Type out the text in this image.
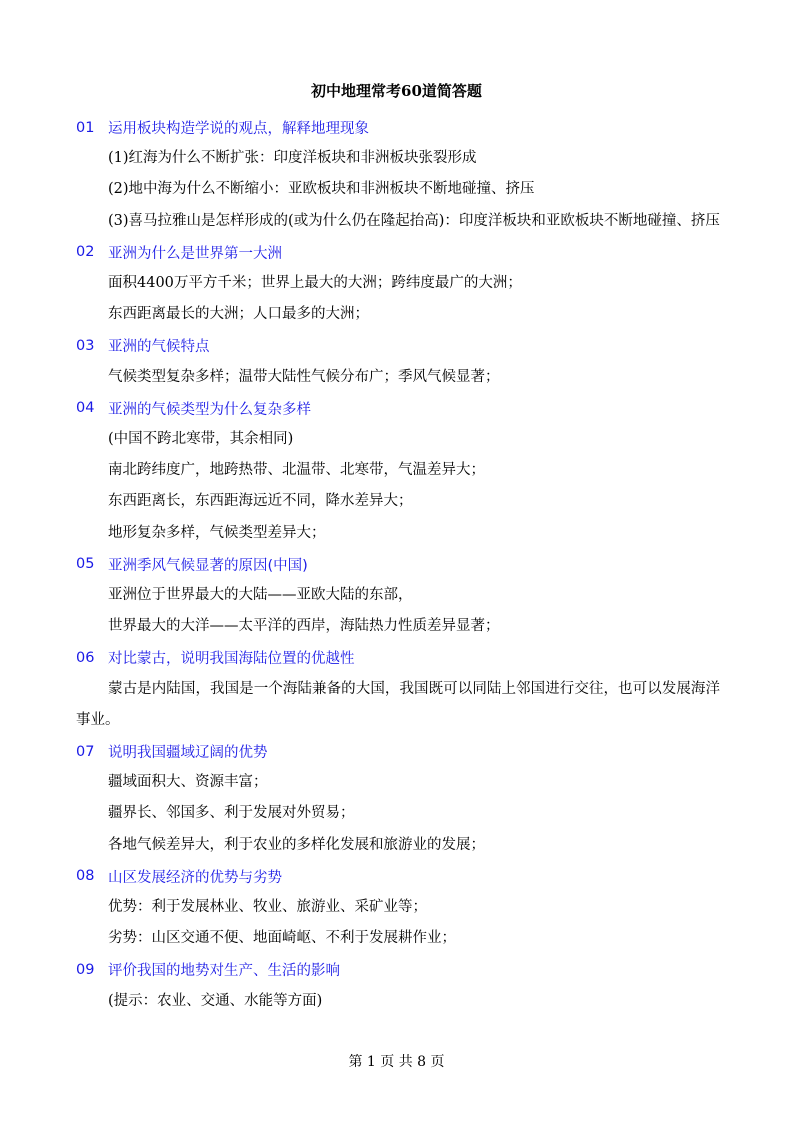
初中地理常考60道简答题
01 运用板块构造学说的观点，解释地理现象
(1)红海为什么不断扩张：印度洋板块和非洲板块张裂形成
(2)地中海为什么不断缩小：亚欧板块和非洲板块不断地碰撞、挤压
(3)喜马拉雅山是怎样形成的(或为什么仍在隆起抬高)：印度洋板块和亚欧板块不断地碰撞、挤压
02 亚洲为什么是世界第一大洲
面积4400万平方千米；世界上最大的大洲；跨纬度最广的大洲；
东西距离最长的大洲；人口最多的大洲；
03 亚洲的气候特点
气候类型复杂多样；温带大陆性气候分布广；季风气候显著；
04 亚洲的气候类型为什么复杂多样
(中国不跨北寒带，其余相同)
南北跨纬度广，地跨热带、北温带、北寒带，气温差异大；
东西距离长，东西距海远近不同，降水差异大；
地形复杂多样，气候类型差异大；
05 亚洲季风气候显著的原因(中国)
亚洲位于世界最大的大陆——亚欧大陆的东部，
世界最大的大洋——太平洋的西岸，海陆热力性质差异显著；
06 对比蒙古，说明我国海陆位置的优越性
蒙古是内陆国，我国是一个海陆兼备的大国，我国既可以同陆上邻国进行交往，也可以发展海洋事业。
07 说明我国疆域辽阔的优势
疆域面积大、资源丰富；
疆界长、邻国多、利于发展对外贸易；
各地气候差异大，利于农业的多样化发展和旅游业的发展；
08 山区发展经济的优势与劣势
优势：利于发展林业、牧业、旅游业、采矿业等；
劣势：山区交通不便、地面崎岖、不利于发展耕作业；
09 评价我国的地势对生产、生活的影响
(提示：农业、交通、水能等方面)
第 1 页 共 8 页
